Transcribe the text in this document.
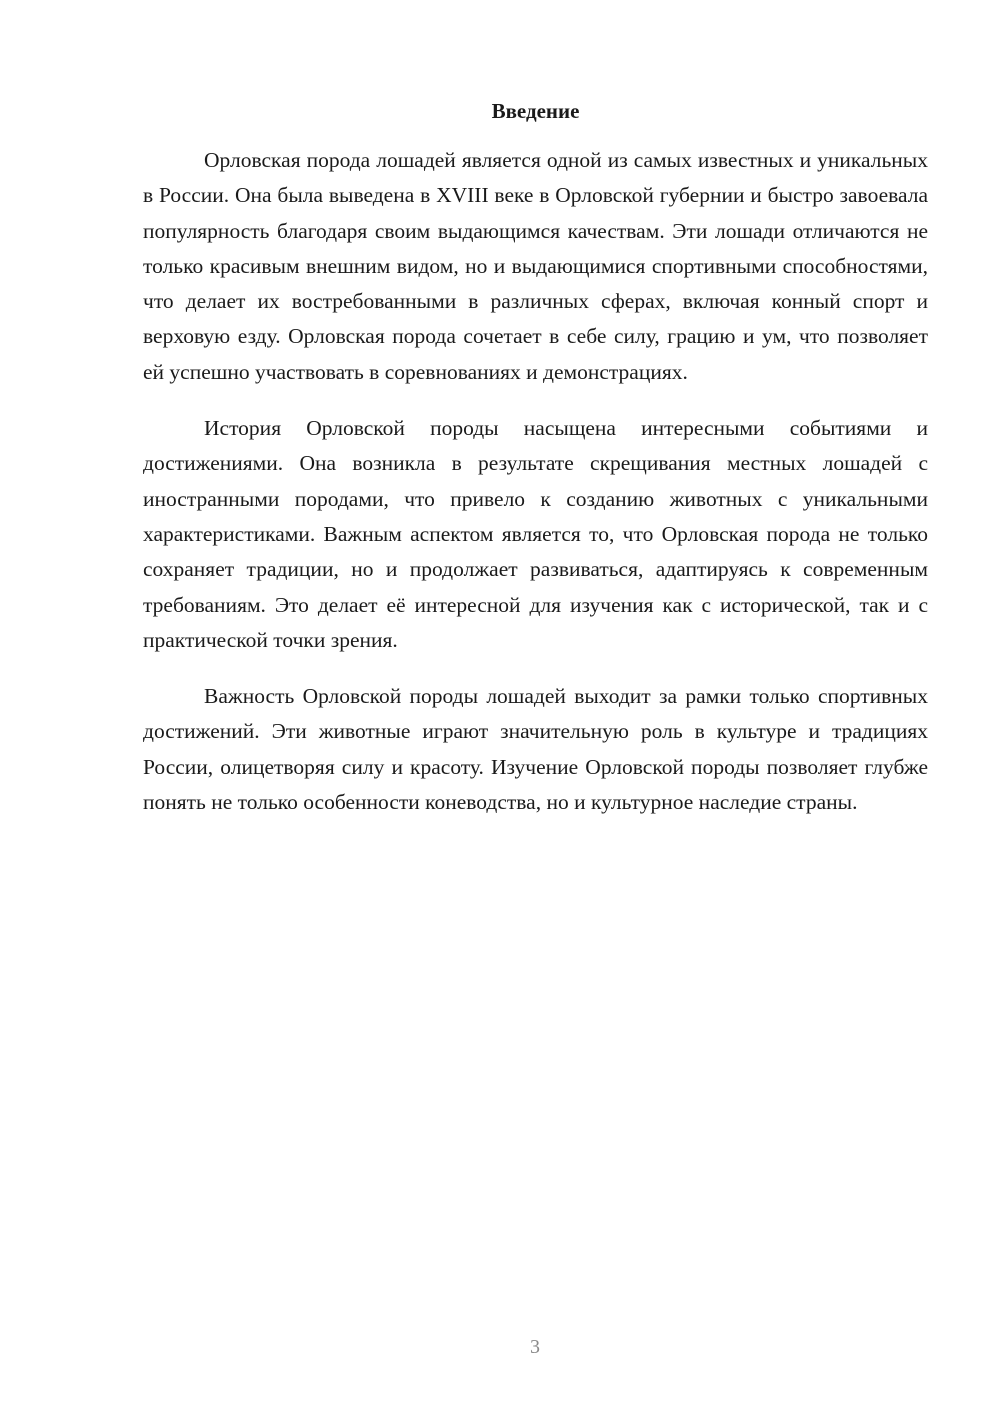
Введение

Орловская порода лошадей является одной из самых известных и уникальных в России. Она была выведена в XVIII веке в Орловской губернии и быстро завоевала популярность благодаря своим выдающимся качествам. Эти лошади отличаются не только красивым внешним видом, но и выдающимися спортивными способностями, что делает их востребованными в различных сферах, включая конный спорт и верховую езду. Орловская порода сочетает в себе силу, грацию и ум, что позволяет ей успешно участвовать в соревнованиях и демонстрациях.

История Орловской породы насыщена интересными событиями и достижениями. Она возникла в результате скрещивания местных лошадей с иностранными породами, что привело к созданию животных с уникальными характеристиками. Важным аспектом является то, что Орловская порода не только сохраняет традиции, но и продолжает развиваться, адаптируясь к современным требованиям. Это делает её интересной для изучения как с исторической, так и с практической точки зрения.

Важность Орловской породы лошадей выходит за рамки только спортивных достижений. Эти животные играют значительную роль в культуре и традициях России, олицетворяя силу и красоту. Изучение Орловской породы позволяет глубже понять не только особенности коневодства, но и культурное наследие страны.

3
